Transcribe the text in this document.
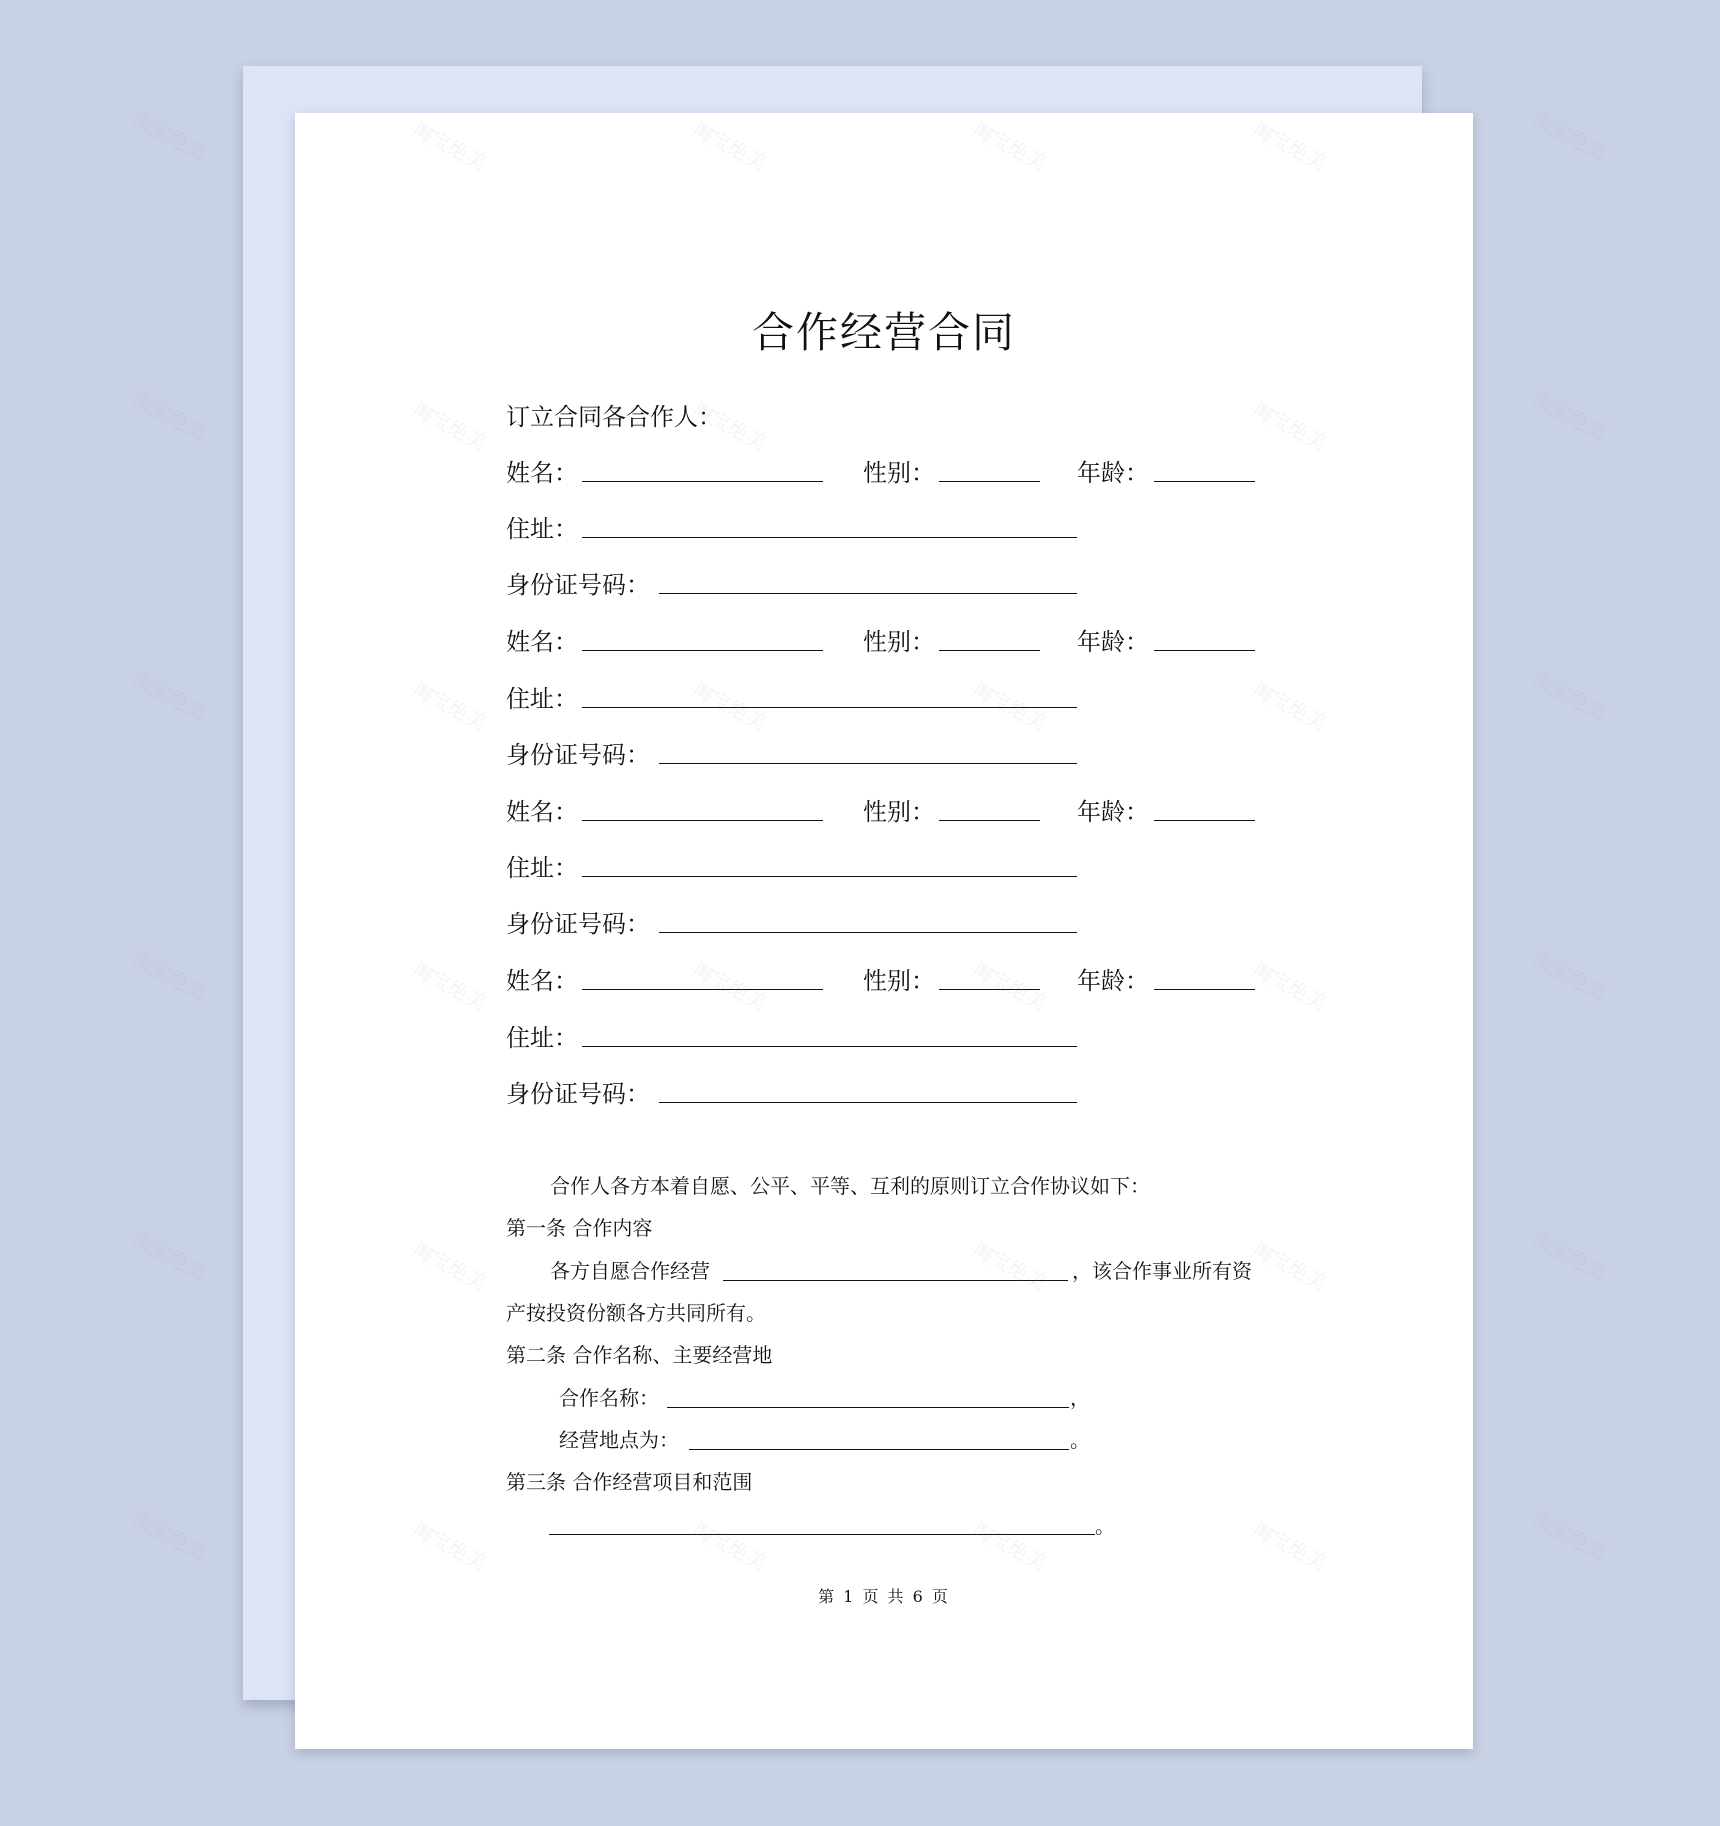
合作经营合同
订立合同各合作人：
姓名：	性别：	年龄：
住址：
身份证号码：
姓名：	性别：	年龄：
住址：
身份证号码：
姓名：	性别：	年龄：
住址：
身份证号码：
姓名：	性别：	年龄：
住址：
身份证号码：
合作人各方本着自愿、公平、平等、互利的原则订立合作协议如下：
第一条 合作内容
各方自愿合作经营	，该合作事业所有资
产按投资份额各方共同所有。
第二条 合作名称、主要经营地
合作名称：	，
经营地点为：	。
第三条 合作经营项目和范围
。
第 1 页 共 6 页
淘宝绝美	淘宝绝美
淘宝绝美	淘宝绝美
淘宝绝美	淘宝绝美
淘宝绝美	淘宝绝美
淘宝绝美	淘宝绝美
淘宝绝美	淘宝绝美
